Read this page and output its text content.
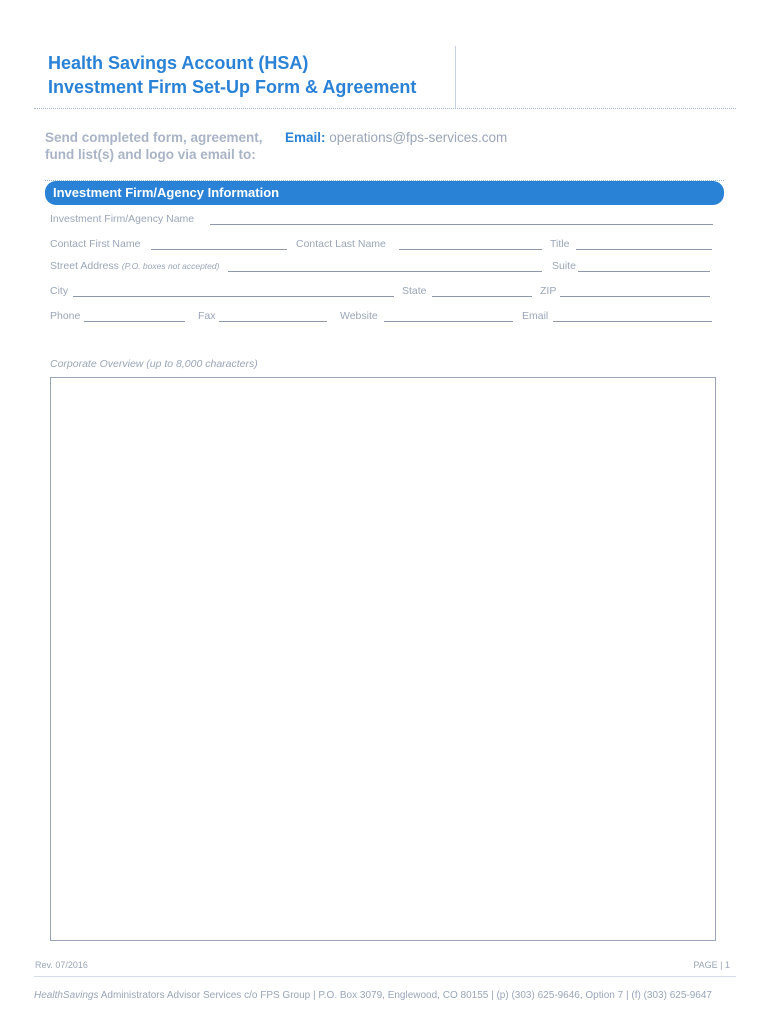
Health Savings Account (HSA)
Investment Firm Set-Up Form & Agreement
Send completed form, agreement,
fund list(s) and logo via email to:
Email: operations@fps-services.com
Investment Firm/Agency Information
Investment Firm/Agency Name
Contact First Name	Contact Last Name	Title
Street Address (P.O. boxes not accepted)	Suite
City	State	ZIP
Phone	Fax	Website	Email
Corporate Overview (up to 8,000 characters)
Rev. 07/2016	PAGE | 1
HealthSavings Administrators Advisor Services c/o FPS Group | P.O. Box 3079, Englewood, CO 80155 | (p) (303) 625-9646, Option 7 | (f) (303) 625-9647
